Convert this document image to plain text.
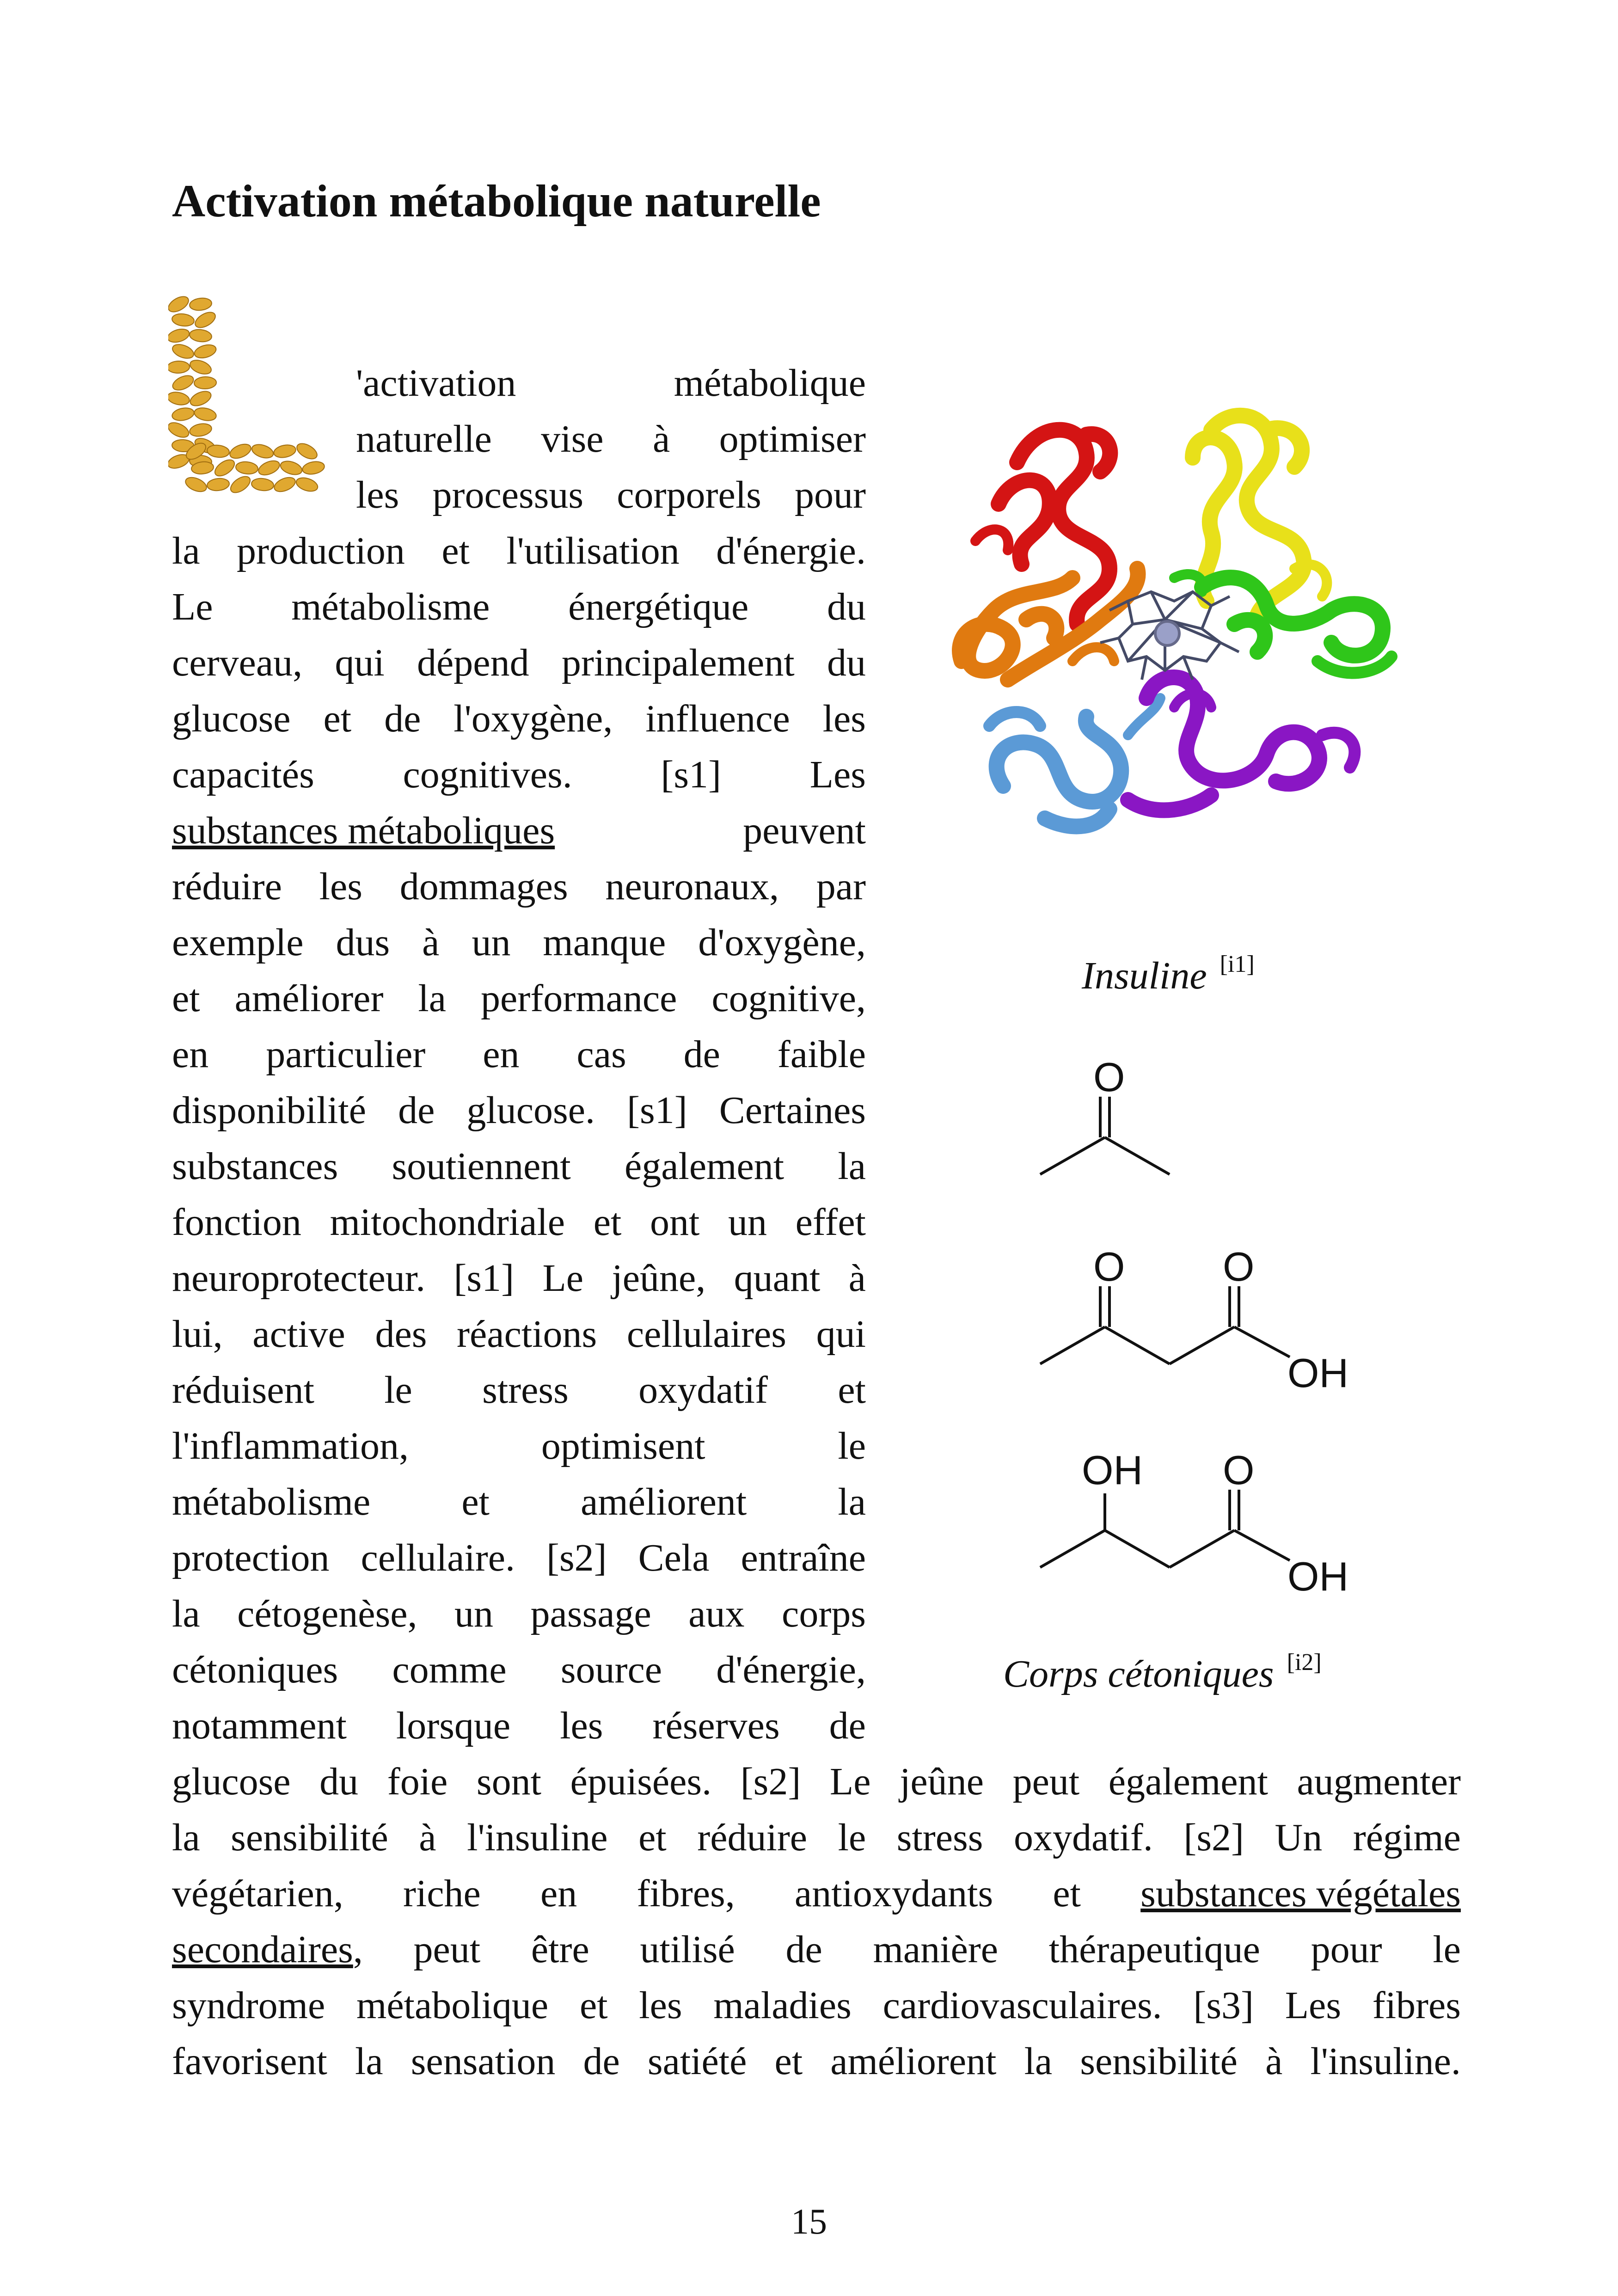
Activation métabolique naturelle
'activation	métabolique
naturelle vise à optimiser
les processus corporels pour
la production et l'utilisation d'énergie.
Le métabolisme énergétique du
cerveau, qui dépend principalement du
glucose et de l'oxygène, influence les
capacités cognitives. [s1] Les
substances métaboliques	peuvent
réduire les dommages neuronaux, par
exemple dus à un manque d'oxygène,
et améliorer la performance cognitive,
en particulier en cas de faible
disponibilité de glucose. [s1] Certaines
substances soutiennent également la
fonction mitochondriale et ont un effet
neuroprotecteur. [s1] Le jeûne, quant à
lui, active des réactions cellulaires qui
réduisent le stress oxydatif et
l'inflammation,	optimisent	le
métabolisme et améliorent la
protection cellulaire. [s2] Cela entraîne
la cétogenèse, un passage aux corps
cétoniques comme source d'énergie,
notamment lorsque les réserves de
glucose du foie sont épuisées. [s2] Le jeûne peut également augmenter
la sensibilité à l'insuline et réduire le stress oxydatif. [s2] Un régime
végétarien, riche en fibres, antioxydants et substances végétales
secondaires, peut être utilisé de manière thérapeutique pour le
syndrome métabolique et les maladies cardiovasculaires. [s3] Les fibres
favorisent la sensation de satiété et améliorent la sensibilité à l'insuline.
Insuline [i1]
O
O O
OH
OH O
OH
Corps cétoniques [i2]
15
